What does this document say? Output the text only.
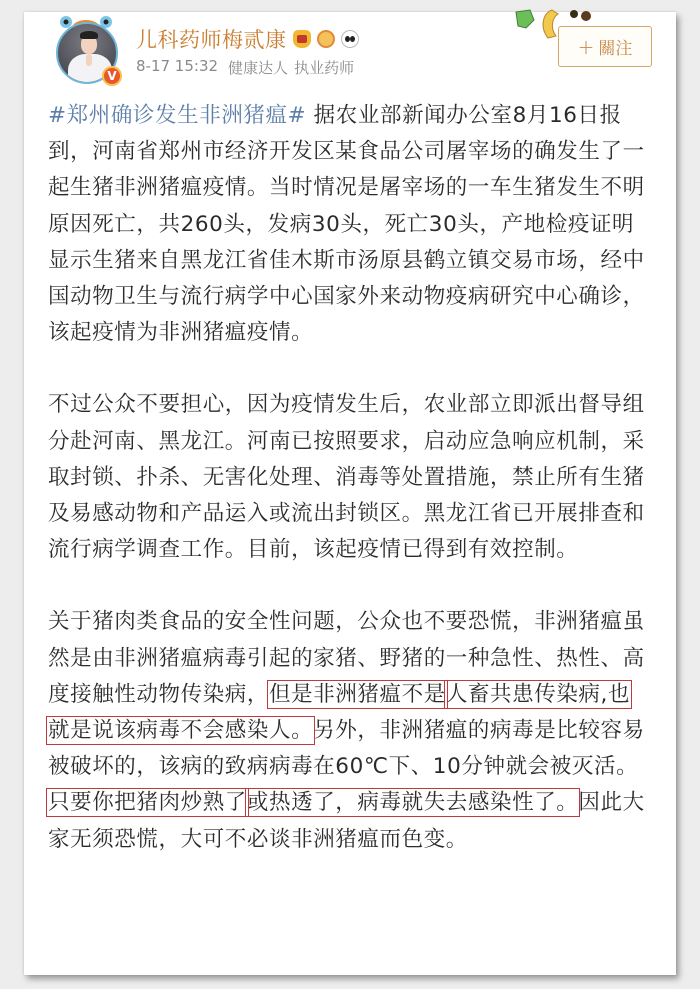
V
儿科药师梅贰康
8-17 15:32 健康达人 执业药师
+ 關注

#郑州确诊发生非洲猪瘟# 据农业部新闻办公室8月16日报到，河南省郑州市经济开发区某食品公司屠宰场的确发生了一起生猪非洲猪瘟疫情。当时情况是屠宰场的一车生猪发生不明原因死亡，共260头，发病30头，死亡30头，产地检疫证明显示生猪来自黑龙江省佳木斯市汤原县鹤立镇交易市场，经中国动物卫生与流行病学中心国家外来动物疫病研究中心确诊，该起疫情为非洲猪瘟疫情。

不过公众不要担心，因为疫情发生后，农业部立即派出督导组分赴河南、黑龙江。河南已按照要求，启动应急响应机制，采取封锁、扑杀、无害化处理、消毒等处置措施，禁止所有生猪及易感动物和产品运入或流出封锁区。黑龙江省已开展排查和流行病学调查工作。目前，该起疫情已得到有效控制。

关于猪肉类食品的安全性问题，公众也不要恐慌，非洲猪瘟虽然是由非洲猪瘟病毒引起的家猪、野猪的一种急性、热性、高度接触性动物传染病，但是非洲猪瘟不是人畜共患传染病,也就是说该病毒不会感染人。另外，非洲猪瘟的病毒是比较容易被破坏的，该病的致病病毒在60℃下、10分钟就会被灭活。只要你把猪肉炒熟了或热透了，病毒就失去感染性了。因此大家无须恐慌，大可不必谈非洲猪瘟而色变。
